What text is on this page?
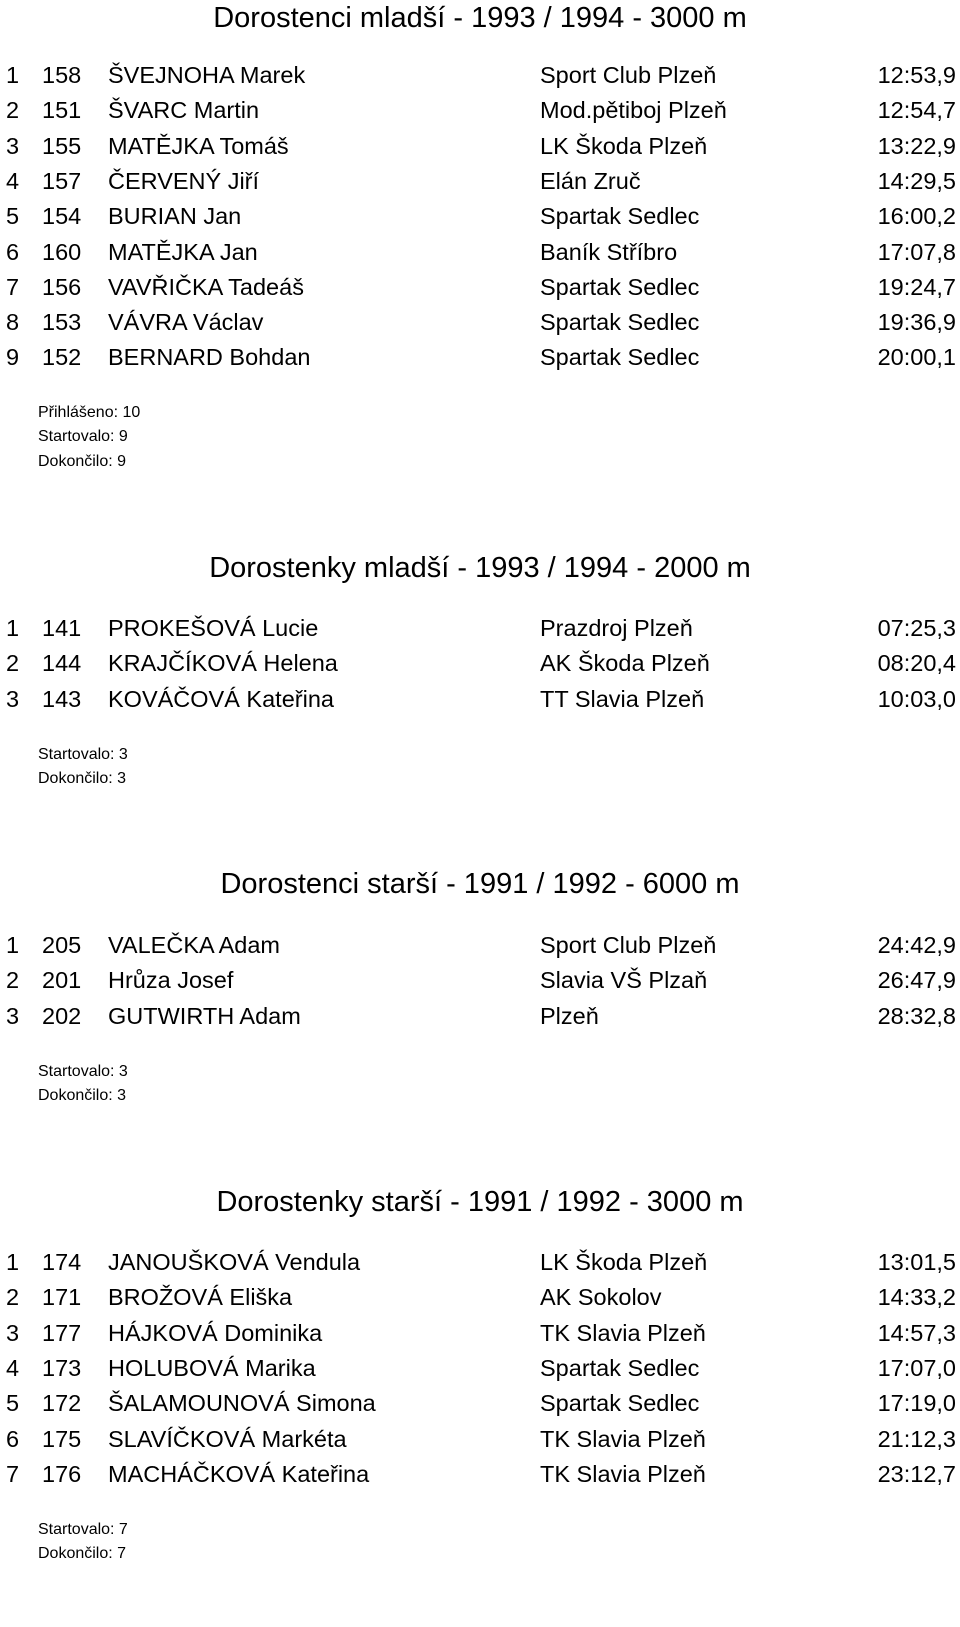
Dorostenci mladší - 1993 / 1994 - 3000 m
1 158 ŠVEJNOHA Marek	Sport Club Plzeň	12:53,9
2 151 ŠVARC Martin	Mod.pětiboj Plzeň	12:54,7
3 155 MATĚJKA Tomáš	LK Škoda Plzeň	13:22,9
4 157 ČERVENÝ Jiří	Elán Zruč	14:29,5
5 154 BURIAN Jan	Spartak Sedlec	16:00,2
6 160 MATĚJKA Jan	Baník Stříbro	17:07,8
7 156 VAVŘIČKA Tadeáš	Spartak Sedlec	19:24,7
8 153 VÁVRA Václav	Spartak Sedlec	19:36,9
9 152 BERNARD Bohdan	Spartak Sedlec	20:00,1
Přihlášeno: 10
Startovalo: 9
Dokončilo: 9
Dorostenky mladší - 1993 / 1994 - 2000 m
1 141 PROKEŠOVÁ Lucie	Prazdroj Plzeň	07:25,3
2 144 KRAJČÍKOVÁ Helena	AK Škoda Plzeň	08:20,4
3 143 KOVÁČOVÁ Kateřina	TT Slavia Plzeň	10:03,0
Startovalo: 3
Dokončilo: 3
Dorostenci starší - 1991 / 1992 - 6000 m
1 205 VALEČKA Adam	Sport Club Plzeň	24:42,9
2 201 Hrůza Josef	Slavia VŠ Plzaň	26:47,9
3 202 GUTWIRTH Adam	Plzeň	28:32,8
Startovalo: 3
Dokončilo: 3
Dorostenky starší - 1991 / 1992 - 3000 m
1 174 JANOUŠKOVÁ Vendula	LK Škoda Plzeň	13:01,5
2 171 BROŽOVÁ Eliška	AK Sokolov	14:33,2
3 177 HÁJKOVÁ Dominika	TK Slavia Plzeň	14:57,3
4 173 HOLUBOVÁ Marika	Spartak Sedlec	17:07,0
5 172 ŠALAMOUNOVÁ Simona	Spartak Sedlec	17:19,0
6 175 SLAVÍČKOVÁ Markéta	TK Slavia Plzeň	21:12,3
7 176 MACHÁČKOVÁ Kateřina	TK Slavia Plzeň	23:12,7
Startovalo: 7
Dokončilo: 7
